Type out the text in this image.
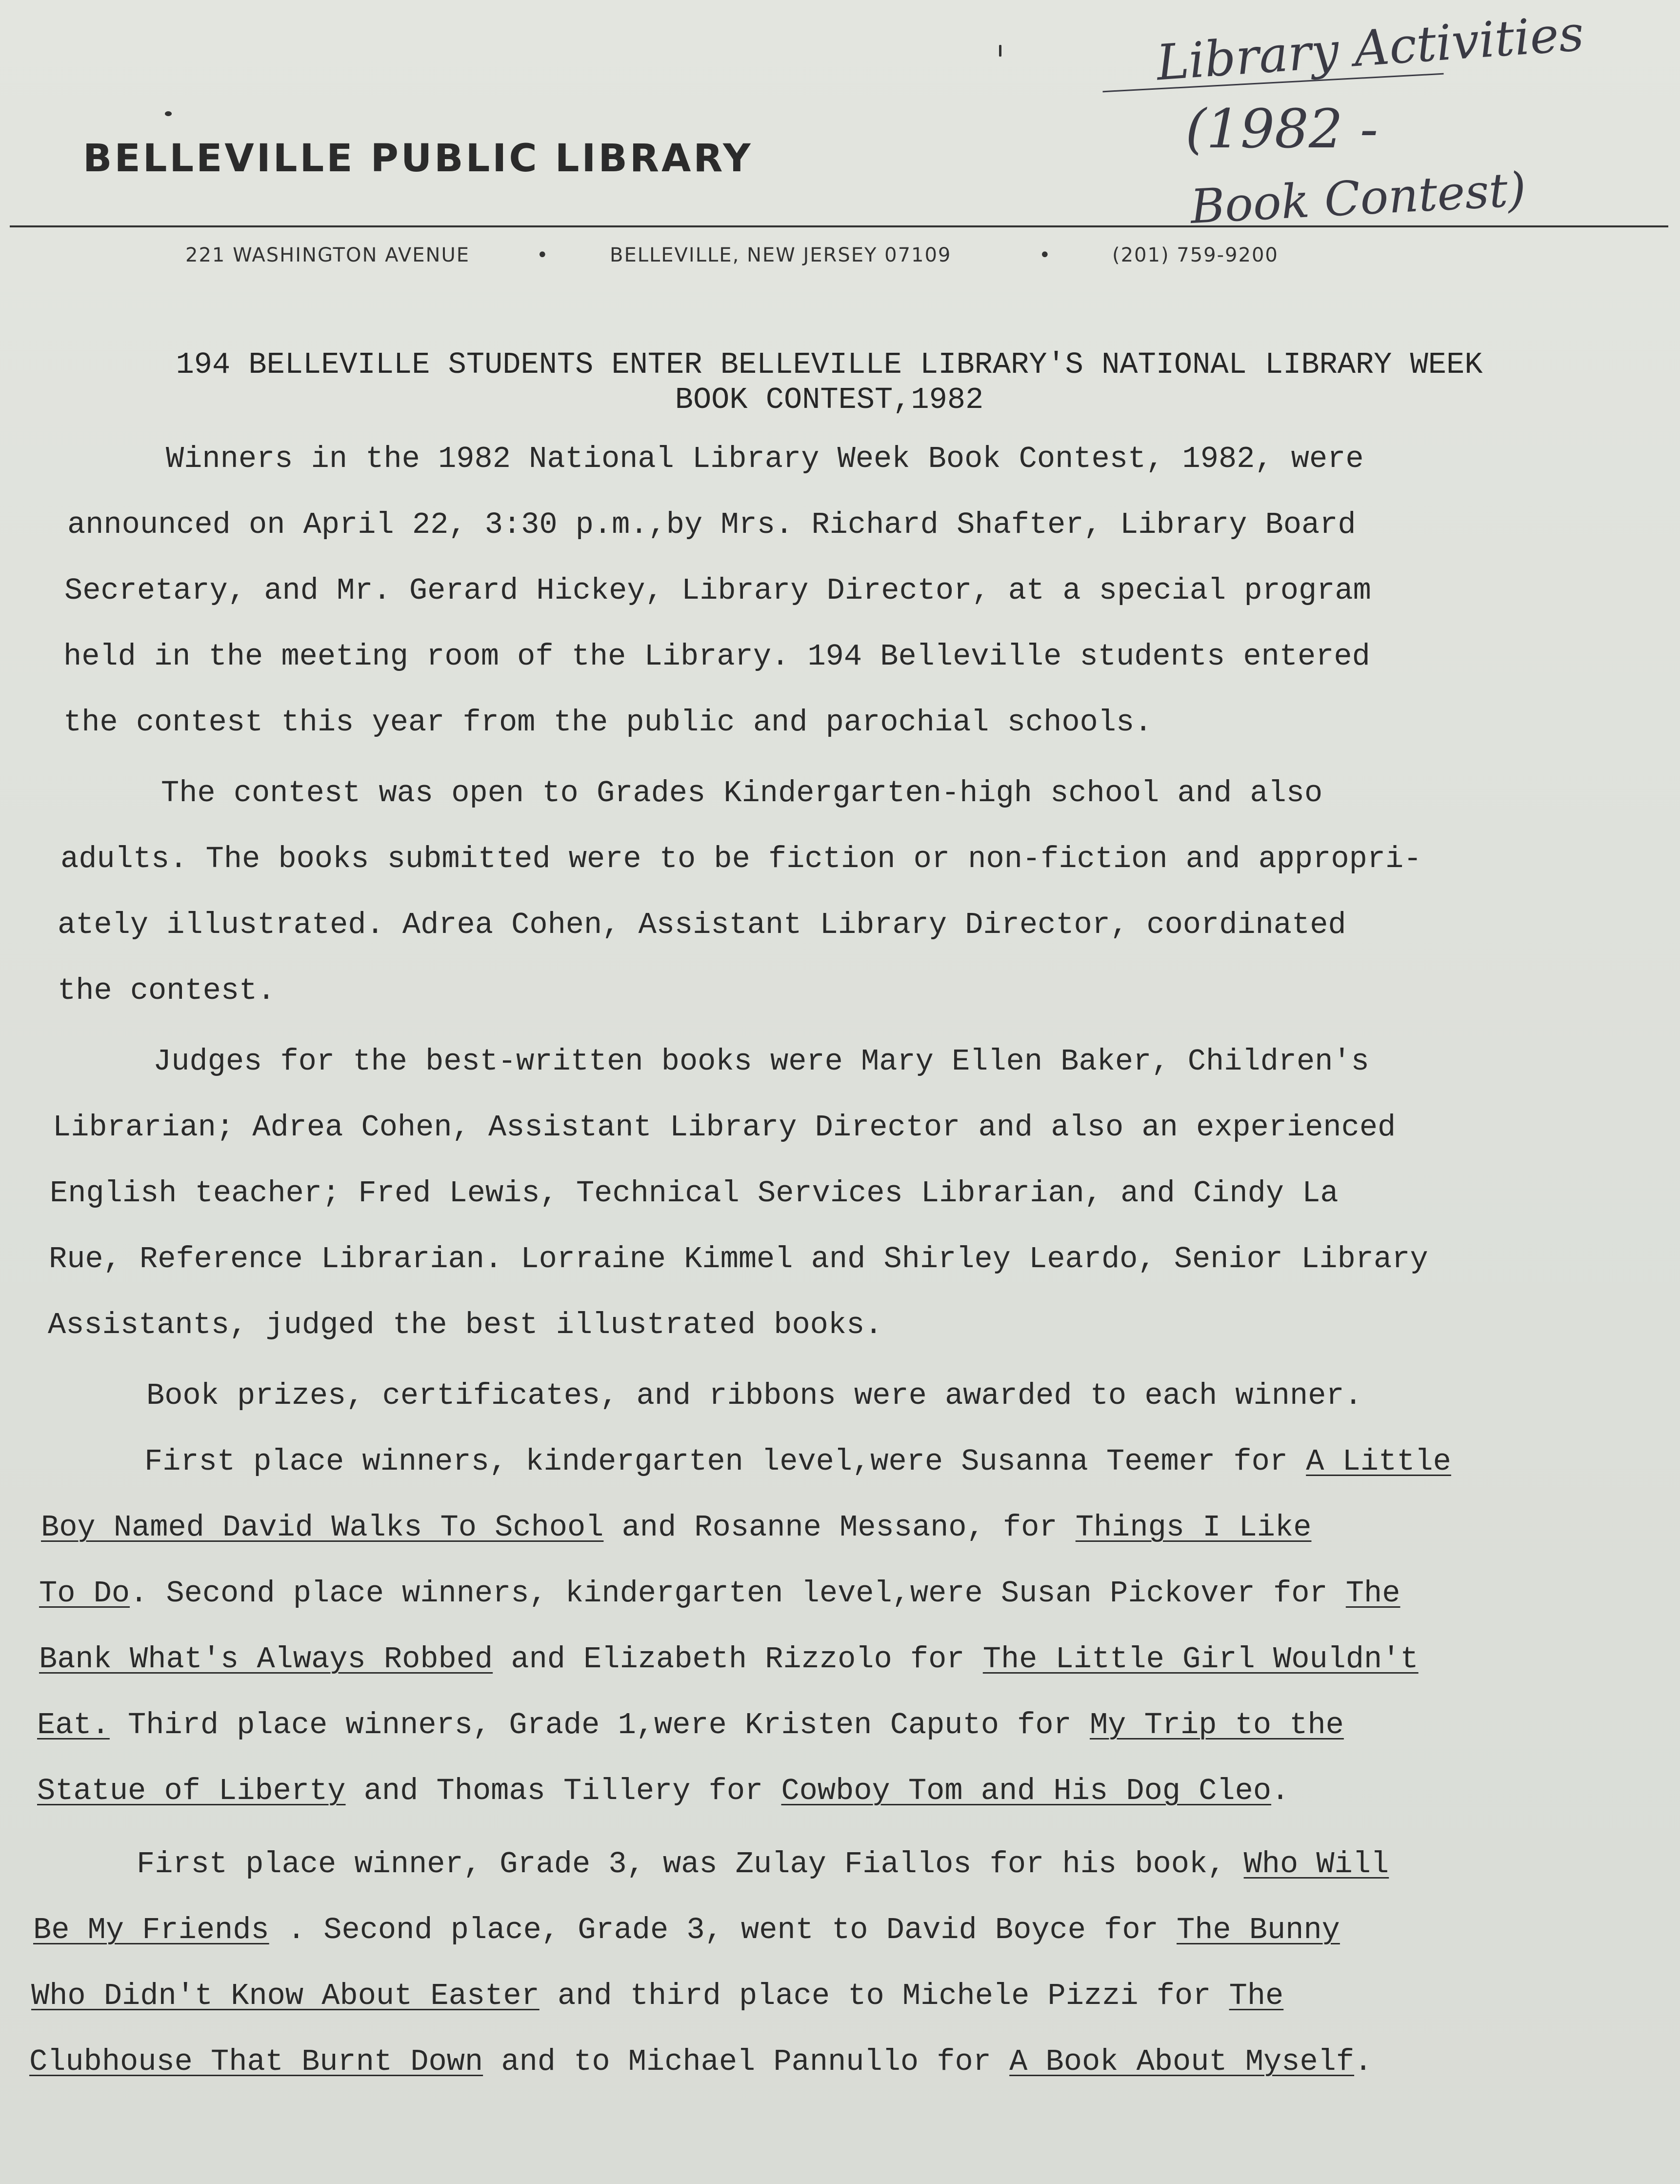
BELLEVILLE PUBLIC LIBRARY
Library Activities
(1982 -
Book Contest)
221 WASHINGTON AVENUE	•	BELLEVILLE, NEW JERSEY 07109	•	(201) 759-9200
194 BELLEVILLE STUDENTS ENTER BELLEVILLE LIBRARY'S NATIONAL LIBRARY WEEK
BOOK CONTEST,1982
Winners in the 1982 National Library Week Book Contest, 1982, were
announced on April 22, 3:30 p.m.,by Mrs. Richard Shafter, Library Board
Secretary, and Mr. Gerard Hickey, Library Director, at a special program
held in the meeting room of the Library. 194 Belleville students entered
the contest this year from the public and parochial schools.
The contest was open to Grades Kindergarten-high school and also
adults. The books submitted were to be fiction or non-fiction and appropri-
ately illustrated. Adrea Cohen, Assistant Library Director, coordinated
the contest.
Judges for the best-written books were Mary Ellen Baker, Children's
Librarian; Adrea Cohen, Assistant Library Director and also an experienced
English teacher; Fred Lewis, Technical Services Librarian, and Cindy La
Rue, Reference Librarian. Lorraine Kimmel and Shirley Leardo, Senior Library
Assistants, judged the best illustrated books.
Book prizes, certificates, and ribbons were awarded to each winner.
First place winners, kindergarten level,were Susanna Teemer for A Little
Boy Named David Walks To School and Rosanne Messano, for Things I Like
To Do. Second place winners, kindergarten level,were Susan Pickover for The
Bank What's Always Robbed and Elizabeth Rizzolo for The Little Girl Wouldn't
Eat. Third place winners, Grade 1,were Kristen Caputo for My Trip to the
Statue of Liberty and Thomas Tillery for Cowboy Tom and His Dog Cleo.
First place winner, Grade 3, was Zulay Fiallos for his book, Who Will
Be My Friends . Second place, Grade 3, went to David Boyce for The Bunny
Who Didn't Know About Easter and third place to Michele Pizzi for The
Clubhouse That Burnt Down and to Michael Pannullo for A Book About Myself.
